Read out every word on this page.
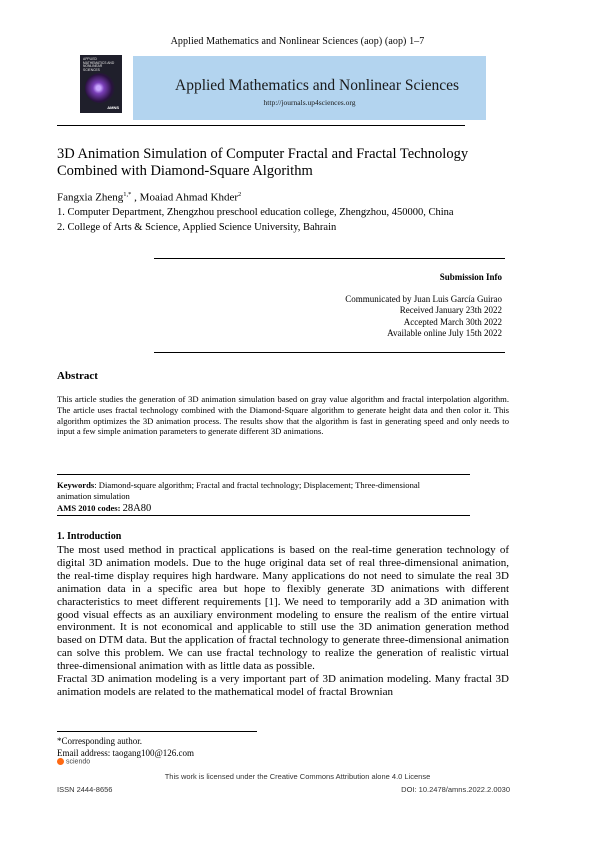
Applied Mathematics and Nonlinear Sciences (aop) (aop) 1–7
APPLIED MATHEMATICS AND NONLINEAR SCIENCES
AMNS
Applied Mathematics and Nonlinear Sciences
http://journals.up4sciences.org
3D Animation Simulation of Computer Fractal and Fractal Technology
Combined with Diamond-Square Algorithm
Fangxia Zheng$^{1,*}$ , Moaiad Ahmad Khder$^2$
1. Computer Department, Zhengzhou preschool education college, Zhengzhou, 450000, China
2. College of Arts & Science, Applied Science University, Bahrain
Submission Info
Communicated by Juan Luis García Guirao
Received January 23th 2022
Accepted March 30th 2022
Available online July 15th 2022
Abstract
This article studies the generation of 3D animation simulation based on gray value algorithm and fractal interpolation algorithm. The article uses fractal technology combined with the Diamond-Square algorithm to generate height data and then color it. This algorithm optimizes the 3D animation process. The results show that the algorithm is fast in generating speed and only needs to input a few simple animation parameters to generate different 3D animations.
Keywords: Diamond-square algorithm; Fractal and fractal technology; Displacement; Three-dimensional animation simulation
AMS 2010 codes: 28A80
1. Introduction

The most used method in practical applications is based on the real-time generation technology of digital 3D animation models. Due to the huge original data set of real three-dimensional animation, the real-time display requires high hardware. Many applications do not need to simulate the real 3D animation data in a specific area but hope to flexibly generate 3D animations with different characteristics to meet different requirements [1]. We need to temporarily add a 3D animation with good visual effects as an auxiliary environment modeling to ensure the realism of the entire virtual environment. It is not economical and applicable to still use the 3D animation generation method based on DTM data. But the application of fractal technology to generate three-dimensional animation can solve this problem. We can use fractal technology to realize the generation of realistic virtual three-dimensional animation with as little data as possible.

Fractal 3D animation modeling is a very important part of 3D animation modeling. Many fractal 3D animation models are related to the mathematical model of fractal Brownian

*Corresponding author.
Email address: taogang100@126.com
sciendo
This work is licensed under the Creative Commons Attribution alone 4.0 License
ISSN 2444-8656	DOI: 10.2478/amns.2022.2.0030
